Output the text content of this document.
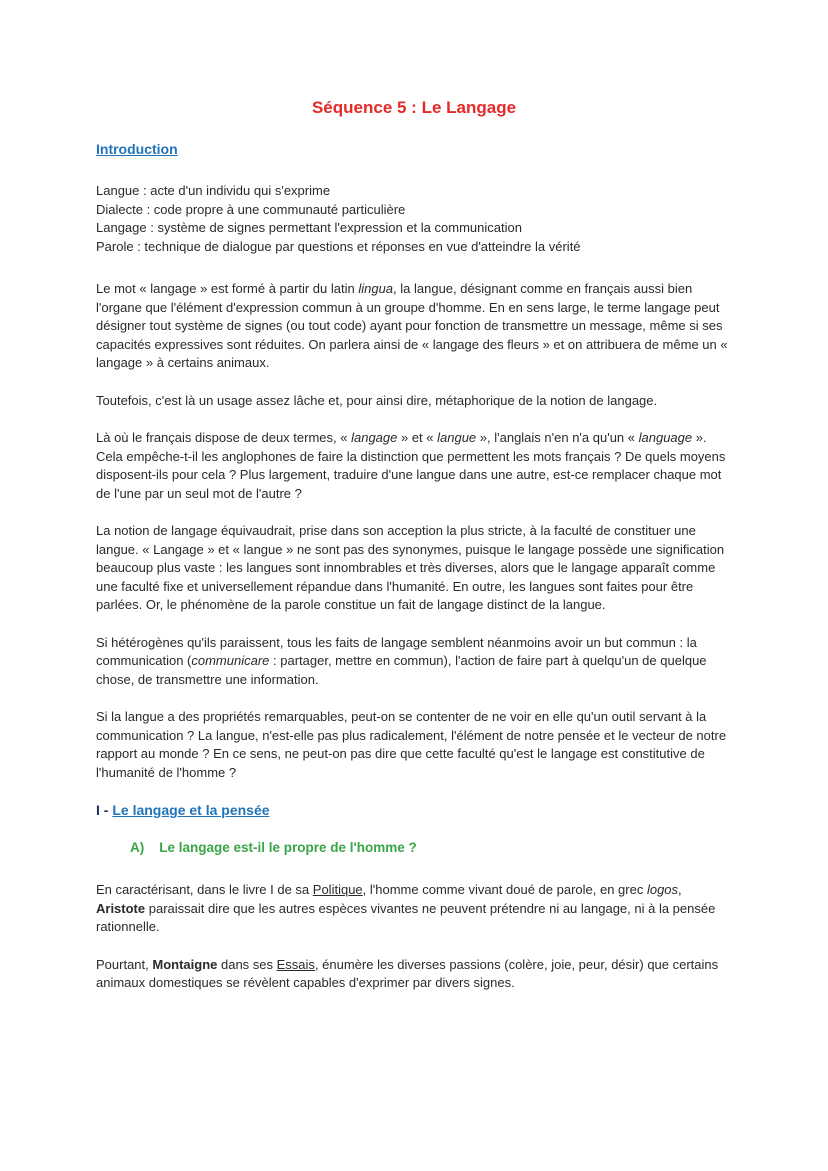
Séquence 5 : Le Langage
Introduction

Langue : acte d'un individu qui s'exprime
Dialecte : code propre à une communauté particulière
Langage : système de signes permettant l'expression et la communication
Parole : technique de dialogue par questions et réponses en vue d'atteindre la vérité

Le mot « langage » est formé à partir du latin lingua, la langue, désignant comme en français aussi bien l'organe que l'élément d'expression commun à un groupe d'homme. En en sens large, le terme langage peut désigner tout système de signes (ou tout code) ayant pour fonction de transmettre un message, même si ses capacités expressives sont réduites. On parlera ainsi de « langage des fleurs » et on attribuera de même un « langage » à certains animaux.

Toutefois, c'est là un usage assez lâche et, pour ainsi dire, métaphorique de la notion de langage.

Là où le français dispose de deux termes, « langage » et « langue », l'anglais n'en n'a qu'un « language ». Cela empêche-t-il les anglophones de faire la distinction que permettent les mots français ? De quels moyens disposent-ils pour cela ? Plus largement, traduire d'une langue dans une autre, est-ce remplacer chaque mot de l'une par un seul mot de l'autre ?

La notion de langage équivaudrait, prise dans son acception la plus stricte, à la faculté de constituer une langue. « Langage » et « langue » ne sont pas des synonymes, puisque le langage possède une signification beaucoup plus vaste : les langues sont innombrables et très diverses, alors que le langage apparaît comme une faculté fixe et universellement répandue dans l'humanité. En outre, les langues sont faites pour être parlées. Or, le phénomène de la parole constitue un fait de langage distinct de la langue.

Si hétérogènes qu'ils paraissent, tous les faits de langage semblent néanmoins avoir un but commun : la communication (communicare : partager, mettre en commun), l'action de faire part à quelqu'un de quelque chose, de transmettre une information.

Si la langue a des propriétés remarquables, peut-on se contenter de ne voir en elle qu'un outil servant à la communication ? La langue, n'est-elle pas plus radicalement, l'élément de notre pensée et le vecteur de notre rapport au monde ? En ce sens, ne peut-on pas dire que cette faculté qu'est le langage est constitutive de l'humanité de l'homme ?

I - Le langage et la pensée
A)    Le langage est-il le propre de l'homme ?

En caractérisant, dans le livre I de sa Politique, l'homme comme vivant doué de parole, en grec logos, Aristote paraissait dire que les autres espèces vivantes ne peuvent prétendre ni au langage, ni à la pensée rationnelle.

Pourtant, Montaigne dans ses Essais, énumère les diverses passions (colère, joie, peur, désir) que certains animaux domestiques se révèlent capables d'exprimer par divers signes.
